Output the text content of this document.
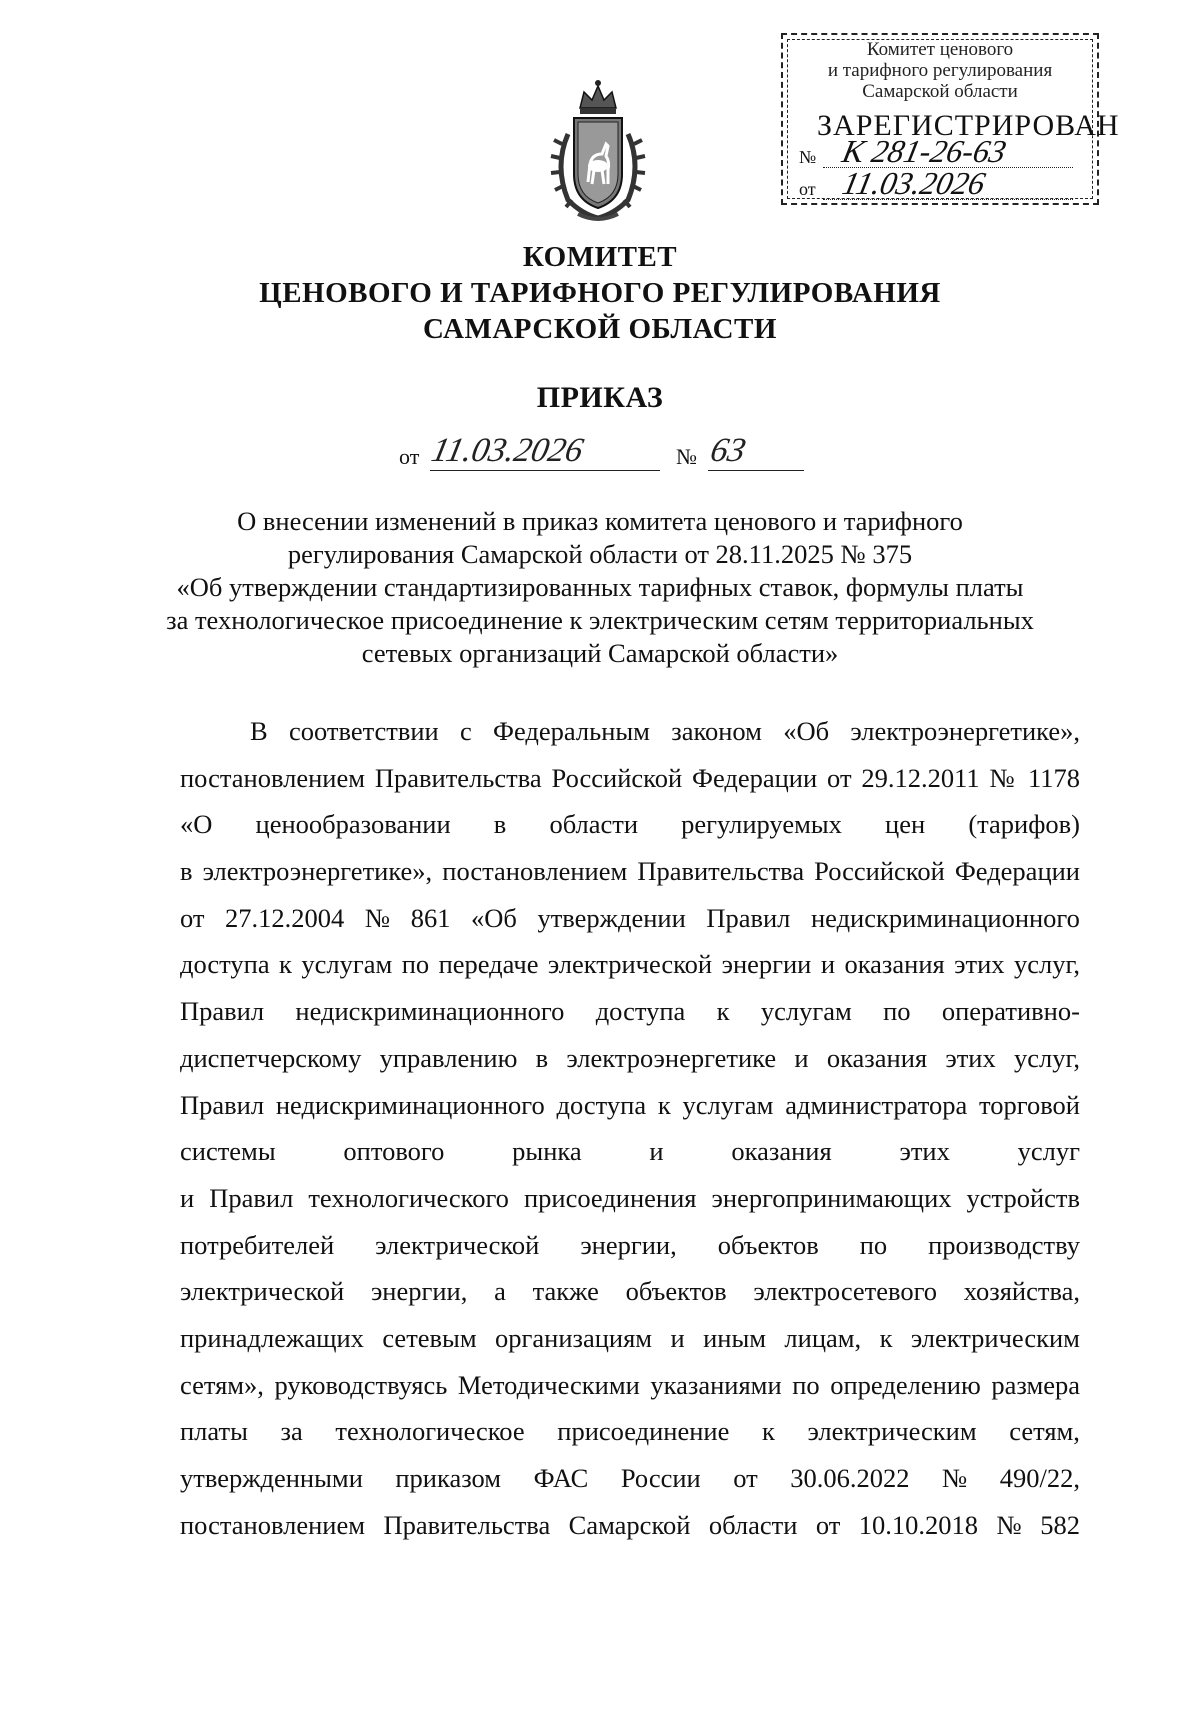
Комитет ценового
и тарифного регулирования
Самарской области
ЗАРЕГИСТРИРОВАН
№ К 281-26-63
от 11.03.2026
КОМИТЕТ
ЦЕНОВОГО И ТАРИФНОГО РЕГУЛИРОВАНИЯ
САМАРСКОЙ ОБЛАСТИ
ПРИКАЗ
от 11.03.2026	№ 63
О внесении изменений в приказ комитета ценового и тарифного
регулирования Самарской области от 28.11.2025 № 375
«Об утверждении стандартизированных тарифных ставок, формулы платы
за технологическое присоединение к электрическим сетям территориальных
сетевых организаций Самарской области»
В соответствии с Федеральным законом «Об электроэнергетике»,
постановлением Правительства Российской Федерации от 29.12.2011 № 1178
«О ценообразовании в области регулируемых цен (тарифов)
в электроэнергетике», постановлением Правительства Российской Федерации
от 27.12.2004 № 861 «Об утверждении Правил недискриминационного
доступа к услугам по передаче электрической энергии и оказания этих услуг,
Правил недискриминационного доступа к услугам по оперативно-
диспетчерскому управлению в электроэнергетике и оказания этих услуг,
Правил недискриминационного доступа к услугам администратора торговой
системы	оптового	рынка	и	оказания	этих	услуг
и Правил технологического присоединения энергопринимающих устройств
потребителей электрической энергии, объектов по производству
электрической энергии, а также объектов электросетевого хозяйства,
принадлежащих сетевым организациям и иным лицам, к электрическим
сетям», руководствуясь Методическими указаниями по определению размера
платы за технологическое присоединение к электрическим сетям,
утвержденными приказом ФАС России от 30.06.2022 № 490/22,
постановлением Правительства Самарской области от 10.10.2018 № 582
